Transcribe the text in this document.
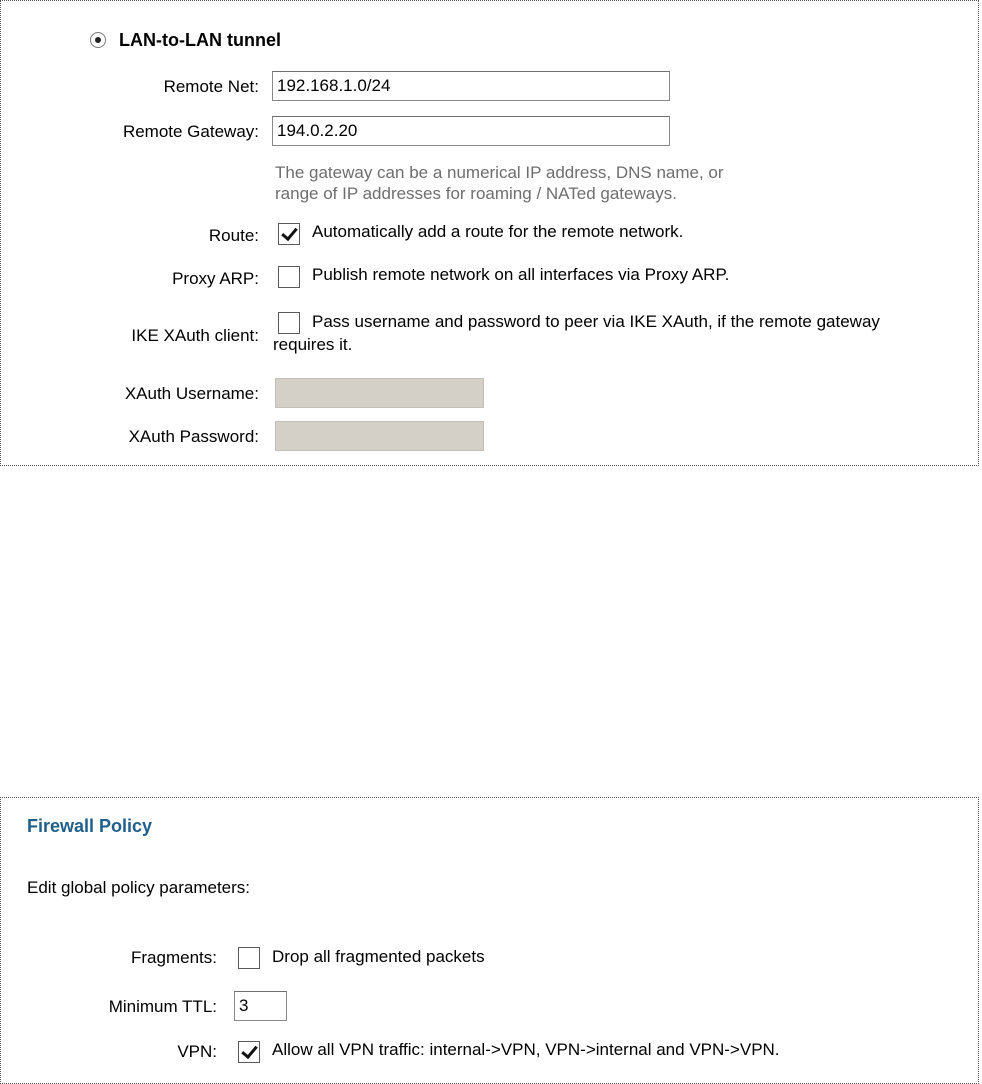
LAN-to-LAN tunnel
Remote Net:
192.168.1.0/24
Remote Gateway:
194.0.2.20
The gateway can be a numerical IP address, DNS name, or
range of IP addresses for roaming / NATed gateways.
Route:	Automatically add a route for the remote network.
Proxy ARP:	Publish remote network on all interfaces via Proxy ARP.
IKE XAuth client:
Pass username and password to peer via IKE XAuth, if the remote gateway
requires it.
XAuth Username:
XAuth Password:
Firewall Policy
Edit global policy parameters:
Fragments:	Drop all fragmented packets
Minimum TTL:
3
VPN:	Allow all VPN traffic: internal->VPN, VPN->internal and VPN->VPN.
